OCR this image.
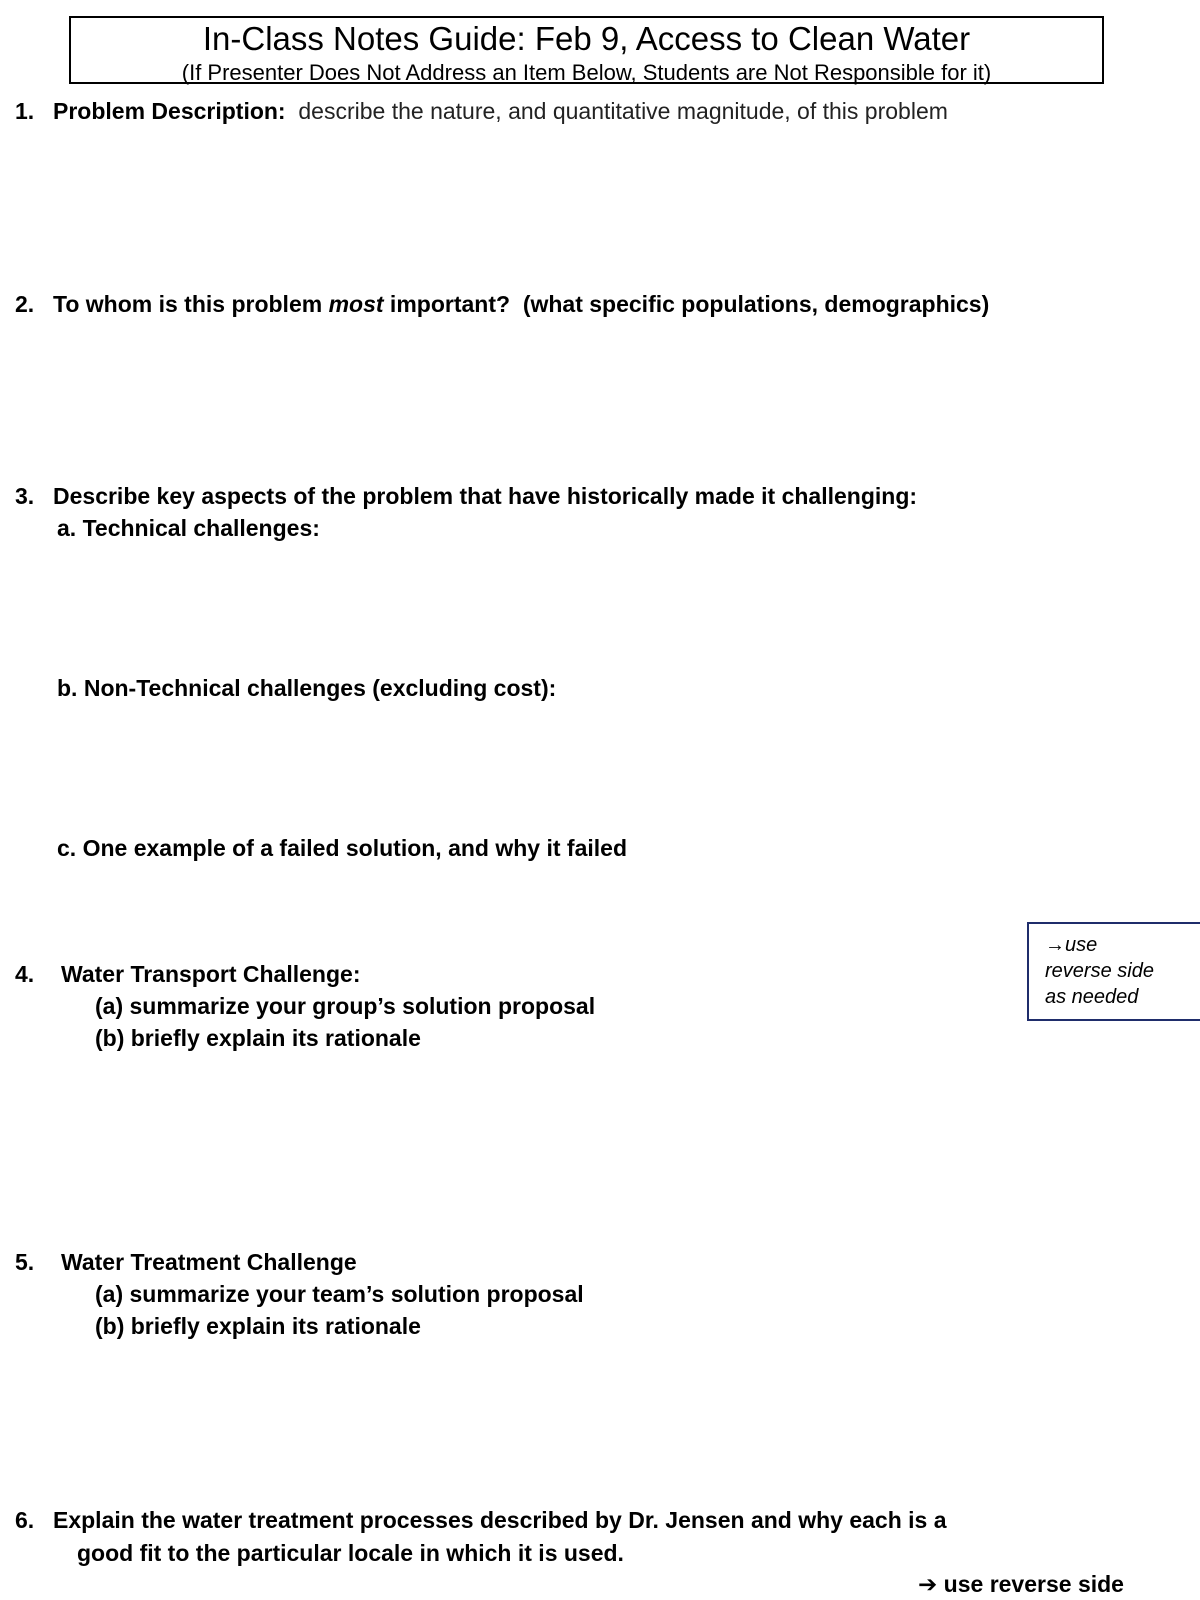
In-Class Notes Guide: Feb 9, Access to Clean Water
(If Presenter Does Not Address an Item Below, Students are Not Responsible for it)
1. Problem Description: describe the nature, and quantitative magnitude, of this problem
2. To whom is this problem most important?  (what specific populations, demographics)
3. Describe key aspects of the problem that have historically made it challenging:
a. Technical challenges:
b. Non-Technical challenges (excluding cost):
c. One example of a failed solution, and why it failed
→use
reverse side
as needed
4. Water Transport Challenge:
(a) summarize your group’s solution proposal
(b) briefly explain its rationale
5. Water Treatment Challenge
(a) summarize your team’s solution proposal
(b) briefly explain its rationale
6. Explain the water treatment processes described by Dr. Jensen and why each is a
good fit to the particular locale in which it is used.
➔ use reverse side
